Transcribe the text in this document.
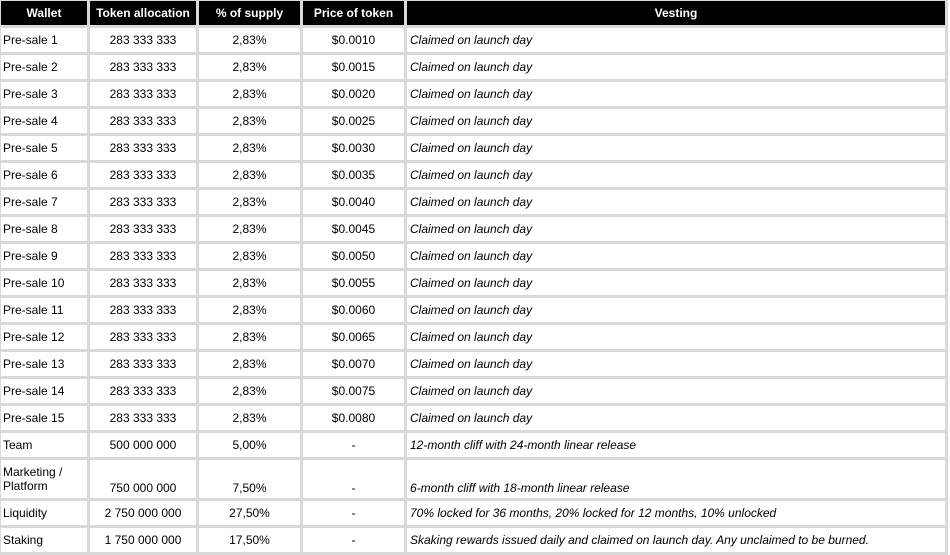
Wallet	Token allocation	% of supply	Price of token	Vesting
Pre-sale 1	283 333 333	2,83%	$0.0010	Claimed on launch day
Pre-sale 2	283 333 333	2,83%	$0.0015	Claimed on launch day
Pre-sale 3	283 333 333	2,83%	$0.0020	Claimed on launch day
Pre-sale 4	283 333 333	2,83%	$0.0025	Claimed on launch day
Pre-sale 5	283 333 333	2,83%	$0.0030	Claimed on launch day
Pre-sale 6	283 333 333	2,83%	$0.0035	Claimed on launch day
Pre-sale 7	283 333 333	2,83%	$0.0040	Claimed on launch day
Pre-sale 8	283 333 333	2,83%	$0.0045	Claimed on launch day
Pre-sale 9	283 333 333	2,83%	$0.0050	Claimed on launch day
Pre-sale 10	283 333 333	2,83%	$0.0055	Claimed on launch day
Pre-sale 11	283 333 333	2,83%	$0.0060	Claimed on launch day
Pre-sale 12	283 333 333	2,83%	$0.0065	Claimed on launch day
Pre-sale 13	283 333 333	2,83%	$0.0070	Claimed on launch day
Pre-sale 14	283 333 333	2,83%	$0.0075	Claimed on launch day
Pre-sale 15	283 333 333	2,83%	$0.0080	Claimed on launch day
Team	500 000 000	5,00%	-	12-month cliff with 24-month linear release
Marketing / Platform	750 000 000	7,50%	-	6-month cliff with 18-month linear release
Liquidity	2 750 000 000	27,50%	-	70% locked for 36 months, 20% locked for 12 months, 10% unlocked
Staking	1 750 000 000	17,50%	-	Skaking rewards issued daily and claimed on launch day. Any unclaimed to be burned.
